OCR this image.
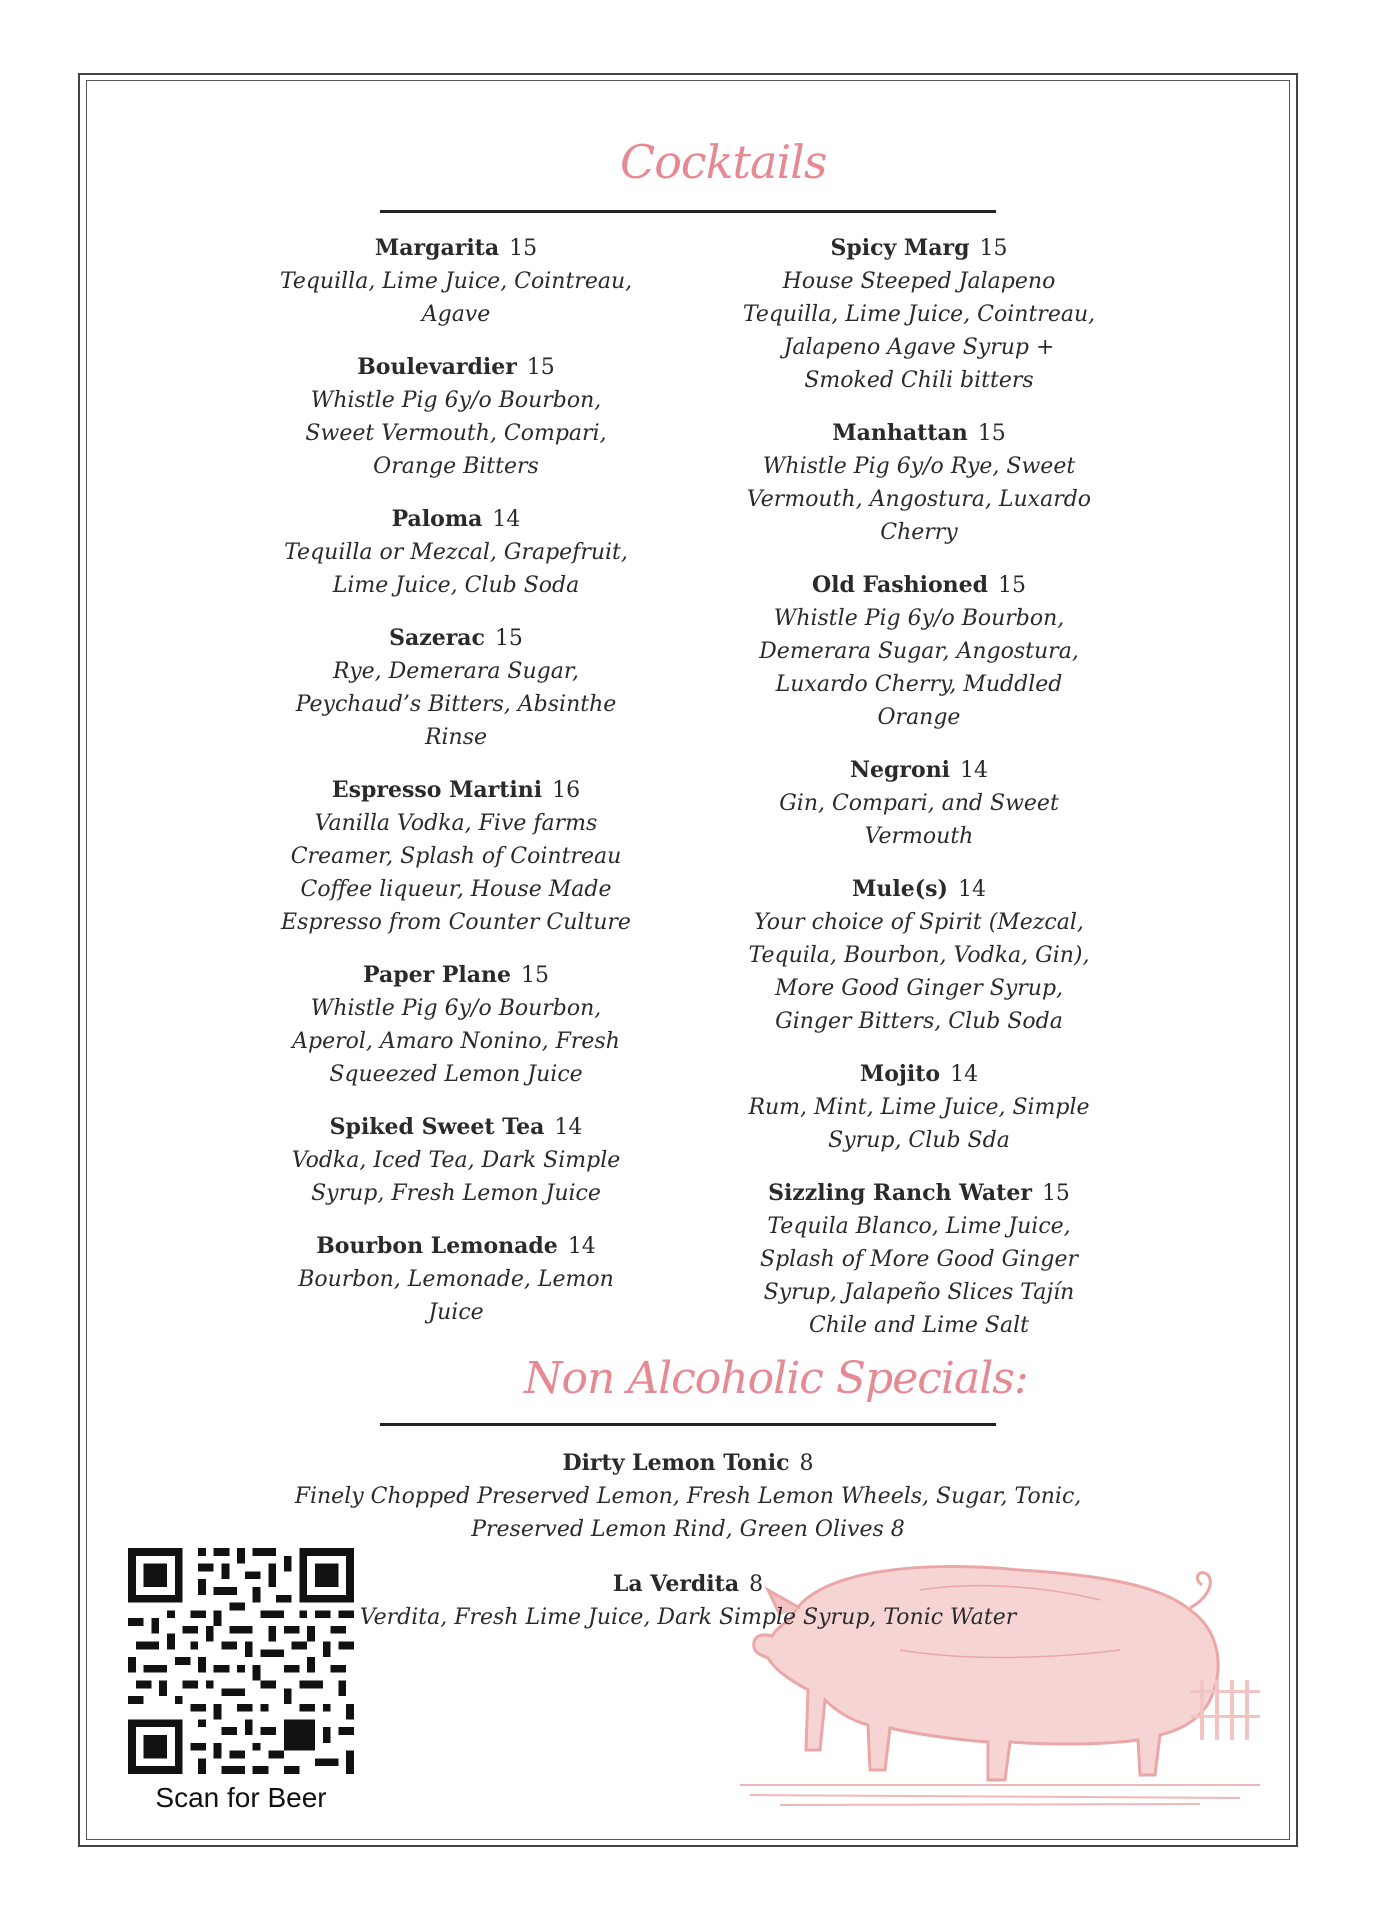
Cocktails
Margarita 15
Tequilla, Lime Juice, Cointreau,
Agave
Boulevardier 15
Whistle Pig 6y/o Bourbon,
Sweet Vermouth, Compari,
Orange Bitters
Paloma 14
Tequilla or Mezcal, Grapefruit,
Lime Juice, Club Soda
Sazerac 15
Rye, Demerara Sugar,
Peychaud’s Bitters, Absinthe
Rinse
Espresso Martini 16
Vanilla Vodka, Five farms
Creamer, Splash of Cointreau
Coffee liqueur, House Made
Espresso from Counter Culture
Paper Plane 15
Whistle Pig 6y/o Bourbon,
Aperol, Amaro Nonino, Fresh
Squeezed Lemon Juice
Spiked Sweet Tea 14
Vodka, Iced Tea, Dark Simple
Syrup, Fresh Lemon Juice
Bourbon Lemonade 14
Bourbon, Lemonade, Lemon
Juice
Spicy Marg 15
House Steeped Jalapeno
Tequilla, Lime Juice, Cointreau,
Jalapeno Agave Syrup +
Smoked Chili bitters
Manhattan 15
Whistle Pig 6y/o Rye, Sweet
Vermouth, Angostura, Luxardo
Cherry
Old Fashioned 15
Whistle Pig 6y/o Bourbon,
Demerara Sugar, Angostura,
Luxardo Cherry, Muddled
Orange
Negroni 14
Gin, Compari, and Sweet
Vermouth
Mule(s) 14
Your choice of Spirit (Mezcal,
Tequila, Bourbon, Vodka, Gin),
More Good Ginger Syrup,
Ginger Bitters, Club Soda
Mojito 14
Rum, Mint, Lime Juice, Simple
Syrup, Club Sda
Sizzling Ranch Water 15
Tequila Blanco, Lime Juice,
Splash of More Good Ginger
Syrup, Jalapeño Slices Tajín
Chile and Lime Salt
Non Alcoholic Specials:
Dirty Lemon Tonic 8
Finely Chopped Preserved Lemon, Fresh Lemon Wheels, Sugar, Tonic,
Preserved Lemon Rind, Green Olives 8
La Verdita 8
Verdita, Fresh Lime Juice, Dark Simple Syrup, Tonic Water
Scan for Beer
